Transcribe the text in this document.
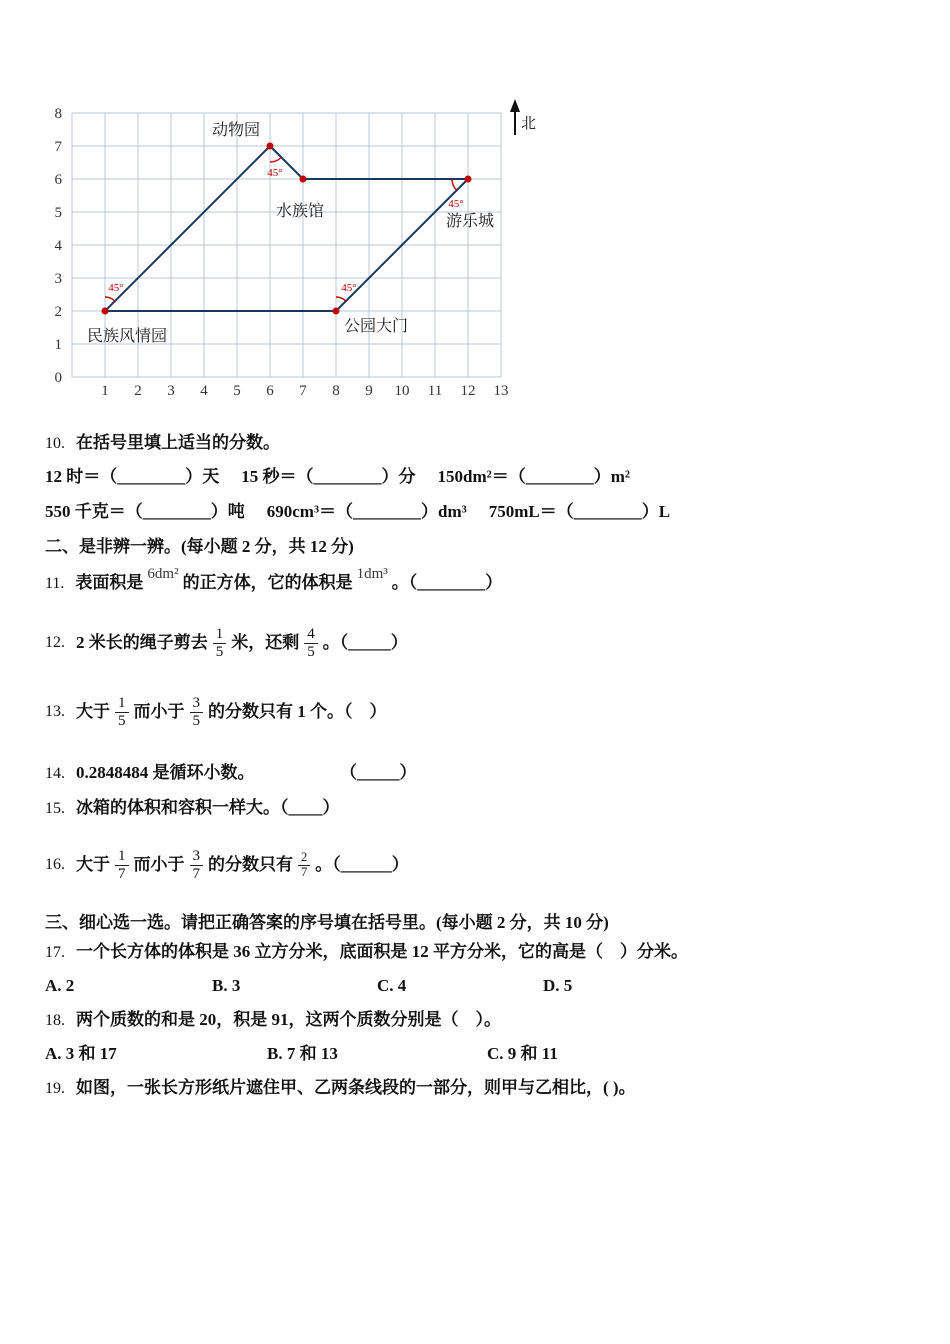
1 2 3 4 5 6 7 8 9 10 11 12 13
0
1
2
3
4
5
6
7
8
45°
45°
45°
45°
民族风情园
动物园
水族馆
游乐城
公园大门
北
10. 在括号里填上适当的分数。
12 时＝（________）天 15 秒＝（________）分 150dm²＝（________）m²
550 千克＝（________）吨 690cm³＝（________）dm³ 750mL＝（________）L
二、是非辨一辨。(每小题 2 分，共 12 分)
11. 表面积是 6dm² 的正方体，它的体积是 1dm³ 。（________）
12. 2 米长的绳子剪去 $\frac{1}{5}$ 米，还剩 $\frac{4}{5}$ 。（_____）
13. 大于 $\frac{1}{5}$ 而小于 $\frac{3}{5}$ 的分数只有 1 个。（　）
14. 0.2848484 是循环小数。	（_____）
15. 冰箱的体积和容积一样大。（____）
16. 大于 $\frac{1}{7}$ 而小于 $\frac{3}{7}$ 的分数只有 $\frac{2}{7}$ 。（______）
三、细心选一选。请把正确答案的序号填在括号里。(每小题 2 分，共 10 分)
17. 一个长方体的体积是 36 立方分米，底面积是 12 平方分米，它的高是（　）分米。
A. 2	B. 3	C. 4	D. 5
18. 两个质数的和是 20，积是 91，这两个质数分别是（　）。
A. 3 和 17	B. 7 和 13	C. 9 和 11
19. 如图，一张长方形纸片遮住甲、乙两条线段的一部分，则甲与乙相比，( )。
